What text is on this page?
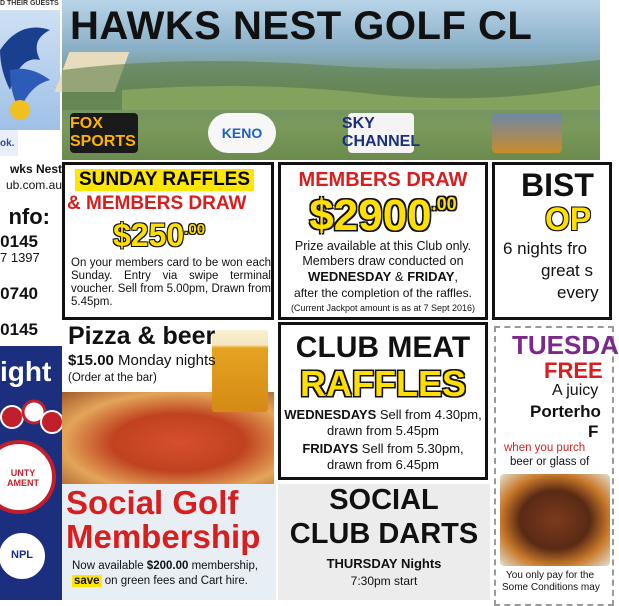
D THEIR GUESTS
ok.
wks Nest
ub.com.au
nfo:
0145
7 1397
0740
0145
ight
UNTY
AMENT
NPL
HAWKS NEST GOLF CL
FOX SPORTS	KENO
SKY CHANNEL
SUNDAY RAFFLES
& MEMBERS DRAW
$\$250^{.00}$
On your members card to be won each Sunday. Entry via swipe terminal voucher. Sell from 5.00pm, Drawn from 5.45pm.
MEMBERS DRAW
$\$2900^{.00}$
Prize available at this Club only.
Members draw conducted on
WEDNESDAY & FRIDAY,
after the completion of the raffles.
(Current Jackpot amount is as at 7 Sept 2016)
BIST
OP
6 nights fro
great s
every
Pizza & beer
$15.00 Monday nights
(Order at the bar)
CLUB MEAT
RAFFLES
WEDNESDAYS Sell from 4.30pm,
drawn from 5.45pm
FRIDAYS Sell from 5.30pm,
drawn from 6.45pm
TUESDA
FREE
A juicy
Porterho
F
when you purch
beer or glass of
You only pay for the
Some Conditions may
Social Golf
Membership
Now available $200.00 membership,
save on green fees and Cart hire.
SOCIAL
CLUB DARTS
THURSDAY Nights
7:30pm start
